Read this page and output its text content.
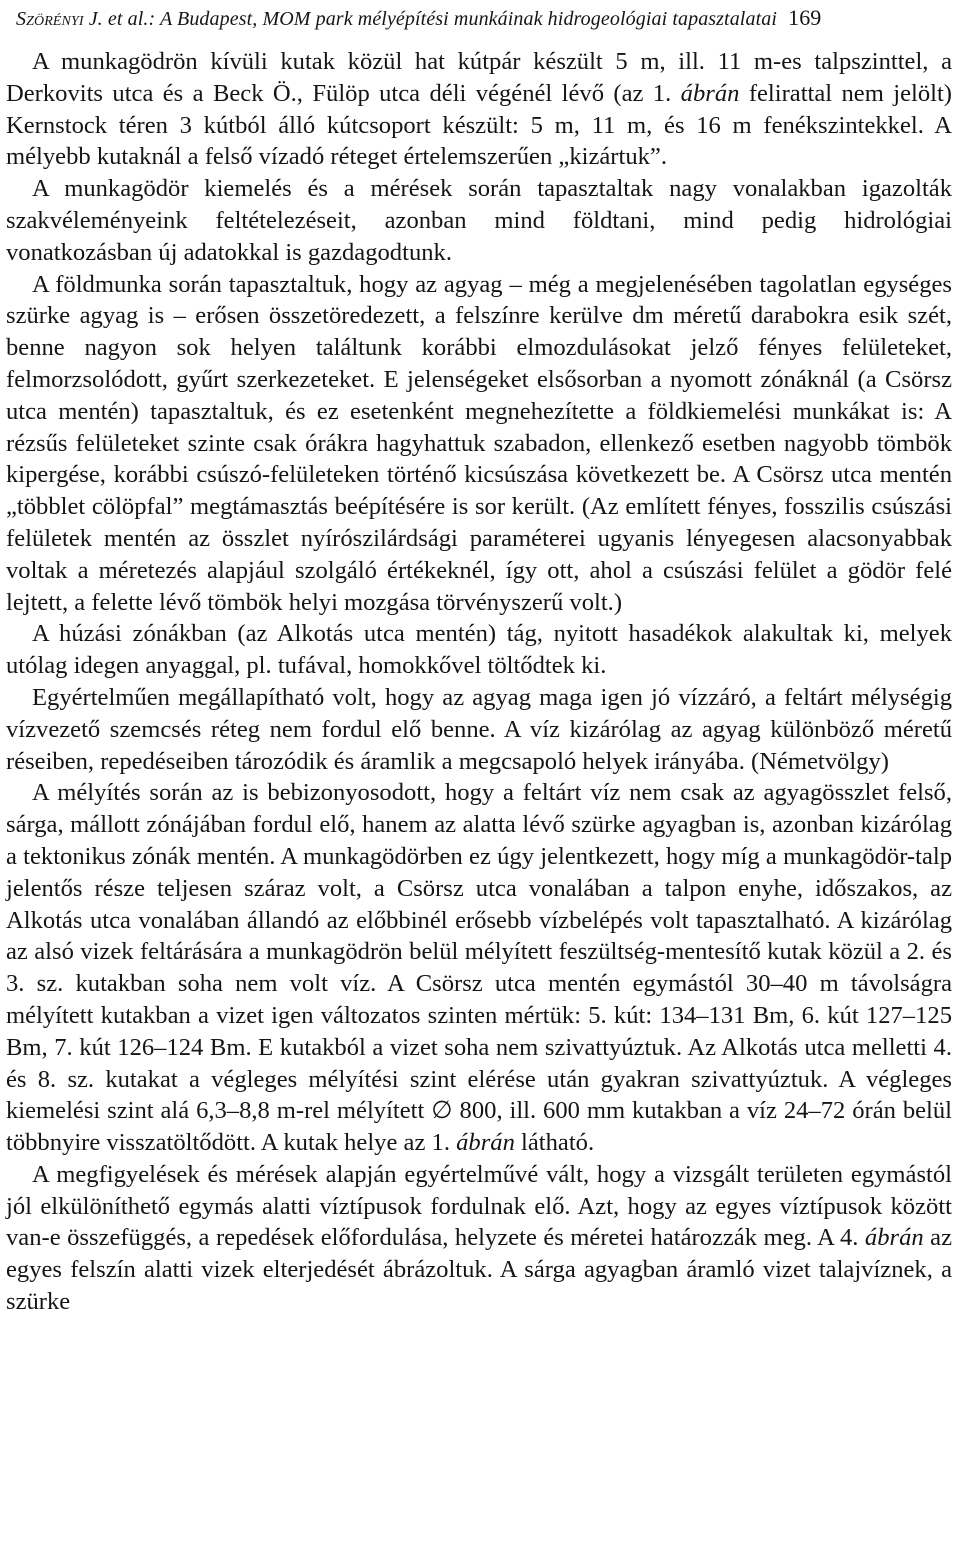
Szörényi J. et al.: A Budapest, MOM park mélyépítési munkáinak hidrogeológiai tapasztalatai 169

A munkagödrön kívüli kutak közül hat kútpár készült 5 m, ill. 11 m-es talpszinttel, a Derkovits utca és a Beck Ö., Fülöp utca déli végénél lévő (az 1. ábrán felirattal nem jelölt) Kernstock téren 3 kútból álló kútcsoport készült: 5 m, 11 m, és 16 m fenékszintekkel. A mélyebb kutaknál a felső vízadó réteget értelemszerűen „kizártuk”.

A munkagödör kiemelés és a mérések során tapasztaltak nagy vonalakban igazolták szakvéleményeink feltételezéseit, azonban mind földtani, mind pedig hidrológiai vonatkozásban új adatokkal is gazdagodtunk.

A földmunka során tapasztaltuk, hogy az agyag – még a megjelenésében tagolatlan egységes szürke agyag is – erősen összetöredezett, a felszínre kerülve dm méretű darabokra esik szét, benne nagyon sok helyen találtunk korábbi elmozdulásokat jelző fényes felületeket, felmorzsolódott, gyűrt szerkezeteket. E jelenségeket elsősorban a nyomott zónáknál (a Csörsz utca mentén) tapasztaltuk, és ez esetenként megnehezítette a földkiemelési munkákat is: A rézsűs felületeket szinte csak órákra hagyhattuk szabadon, ellenkező esetben nagyobb tömbök kipergése, korábbi csúszó-felületeken történő kicsúszása következett be. A Csörsz utca mentén „többlet cölöpfal” megtámasztás beépítésére is sor került. (Az említett fényes, fosszilis csúszási felületek mentén az összlet nyírószilárdsági paraméterei ugyanis lényegesen alacsonyabbak voltak a méretezés alapjául szolgáló értékeknél, így ott, ahol a csúszási felület a gödör felé lejtett, a felette lévő tömbök helyi mozgása törvényszerű volt.)

A húzási zónákban (az Alkotás utca mentén) tág, nyitott hasadékok alakultak ki, melyek utólag idegen anyaggal, pl. tufával, homokkővel töltődtek ki.

Egyértelműen megállapítható volt, hogy az agyag maga igen jó vízzáró, a feltárt mélységig vízvezető szemcsés réteg nem fordul elő benne. A víz kizárólag az agyag különböző méretű réseiben, repedéseiben tározódik és áramlik a megcsapoló helyek irányába. (Németvölgy)

A mélyítés során az is bebizonyosodott, hogy a feltárt víz nem csak az agyagösszlet felső, sárga, mállott zónájában fordul elő, hanem az alatta lévő szürke agyagban is, azonban kizárólag a tektonikus zónák mentén. A munkagödörben ez úgy jelentkezett, hogy míg a munkagödör-talp jelentős része teljesen száraz volt, a Csörsz utca vonalában a talpon enyhe, időszakos, az Alkotás utca vonalában állandó az előbbinél erősebb vízbelépés volt tapasztalható. A kizárólag az alsó vizek feltárására a munkagödrön belül mélyített feszültség-mentesítő kutak közül a 2. és 3. sz. kutakban soha nem volt víz. A Csörsz utca mentén egymástól 30–40 m távolságra mélyített kutakban a vizet igen változatos szinten mértük: 5. kút: 134–131 Bm, 6. kút 127–125 Bm, 7. kút 126–124 Bm. E kutakból a vizet soha nem szivattyúztuk. Az Alkotás utca melletti 4. és 8. sz. kutakat a végleges mélyítési szint elérése után gyakran szivattyúztuk. A végleges kiemelési szint alá 6,3–8,8 m-rel mélyített ∅ 800, ill. 600 mm kutakban a víz 24–72 órán belül többnyire visszatöltődött. A kutak helye az 1. ábrán látható.

A megfigyelések és mérések alapján egyértelművé vált, hogy a vizsgált területen egymástól jól elkülöníthető egymás alatti víztípusok fordulnak elő. Azt, hogy az egyes víztípusok között van-e összefüggés, a repedések előfordulása, helyzete és méretei határozzák meg. A 4. ábrán az egyes felszín alatti vizek elterjedését ábrázoltuk. A sárga agyagban áramló vizet talajvíznek, a szürke
